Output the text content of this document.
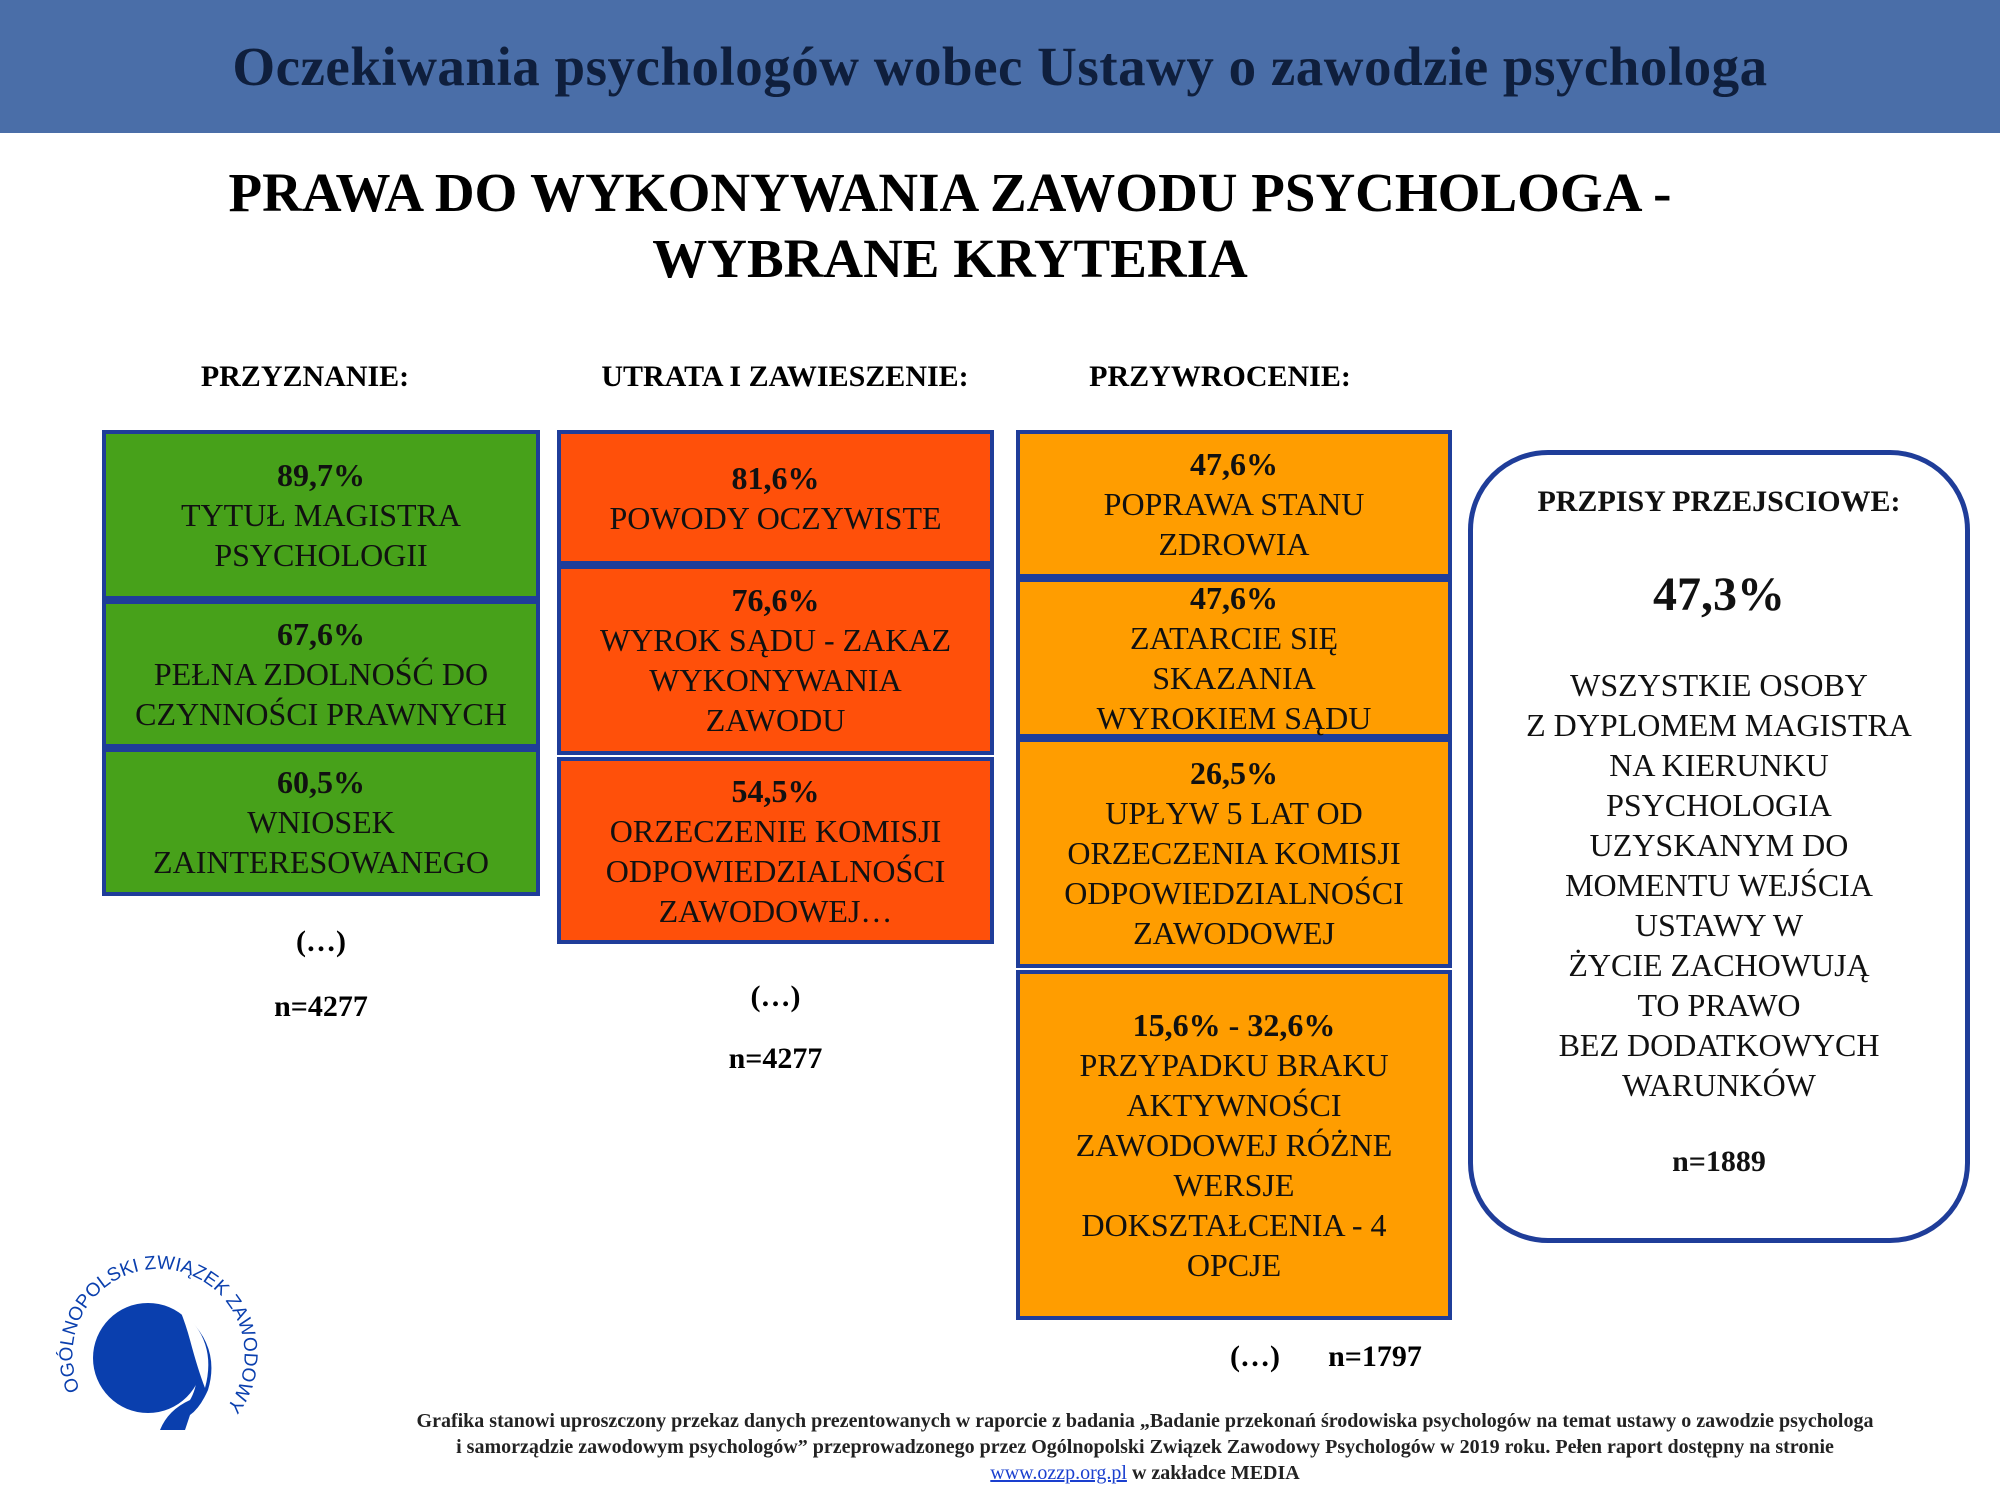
Oczekiwania psychologów wobec Ustawy o zawodzie psychologa
PRAWA DO WYKONYWANIA ZAWODU PSYCHOLOGA -
WYBRANE KRYTERIA
PRZYZNANIE:	UTRATA I ZAWIESZENIE:	PRZYWROCENIE:
89,7%
TYTUŁ MAGISTRA PSYCHOLOGII
67,6%
PEŁNA ZDOLNOŚĆ DO CZYNNOŚCI PRAWNYCH
60,5%
WNIOSEK ZAINTERESOWANEGO
(…)
n=4277
81,6%
POWODY OCZYWISTE
76,6%
WYROK SĄDU - ZAKAZ WYKONYWANIA ZAWODU
54,5%
ORZECZENIE KOMISJI ODPOWIEDZIALNOŚCI ZAWODOWEJ…
(…)
n=4277
47,6%
POPRAWA STANU ZDROWIA
47,6%
ZATARCIE SIĘ SKAZANIA WYROKIEM SĄDU
26,5%
UPŁYW 5 LAT OD ORZECZENIA KOMISJI ODPOWIEDZIALNOŚCI ZAWODOWEJ
15,6% - 32,6%
PRZYPADKU BRAKU AKTYWNOŚCI ZAWODOWEJ RÓŻNE WERSJE DOKSZTAŁCENIA - 4 OPCJE
(…)	n=1797
PRZPISY PRZEJSCIOWE:
47,3%
WSZYSTKIE OSOBY
Z DYPLOMEM MAGISTRA
NA KIERUNKU
PSYCHOLOGIA
UZYSKANYM DO
MOMENTU WEJŚCIA
USTAWY W
ŻYCIE ZACHOWUJĄ
TO PRAWO
BEZ DODATKOWYCH
WARUNKÓW
n=1889
OGÓLNOPOLSKI ZWIĄZEK ZAWODOWY
Grafika stanowi uproszczony przekaz danych prezentowanych w raporcie z badania „Badanie przekonań środowiska psychologów na temat ustawy o zawodzie psychologa
i samorządzie zawodowym psychologów” przeprowadzonego przez Ogólnopolski Związek Zawodowy Psychologów w 2019 roku. Pełen raport dostępny na stronie
www.ozzp.org.pl w zakładce MEDIA
